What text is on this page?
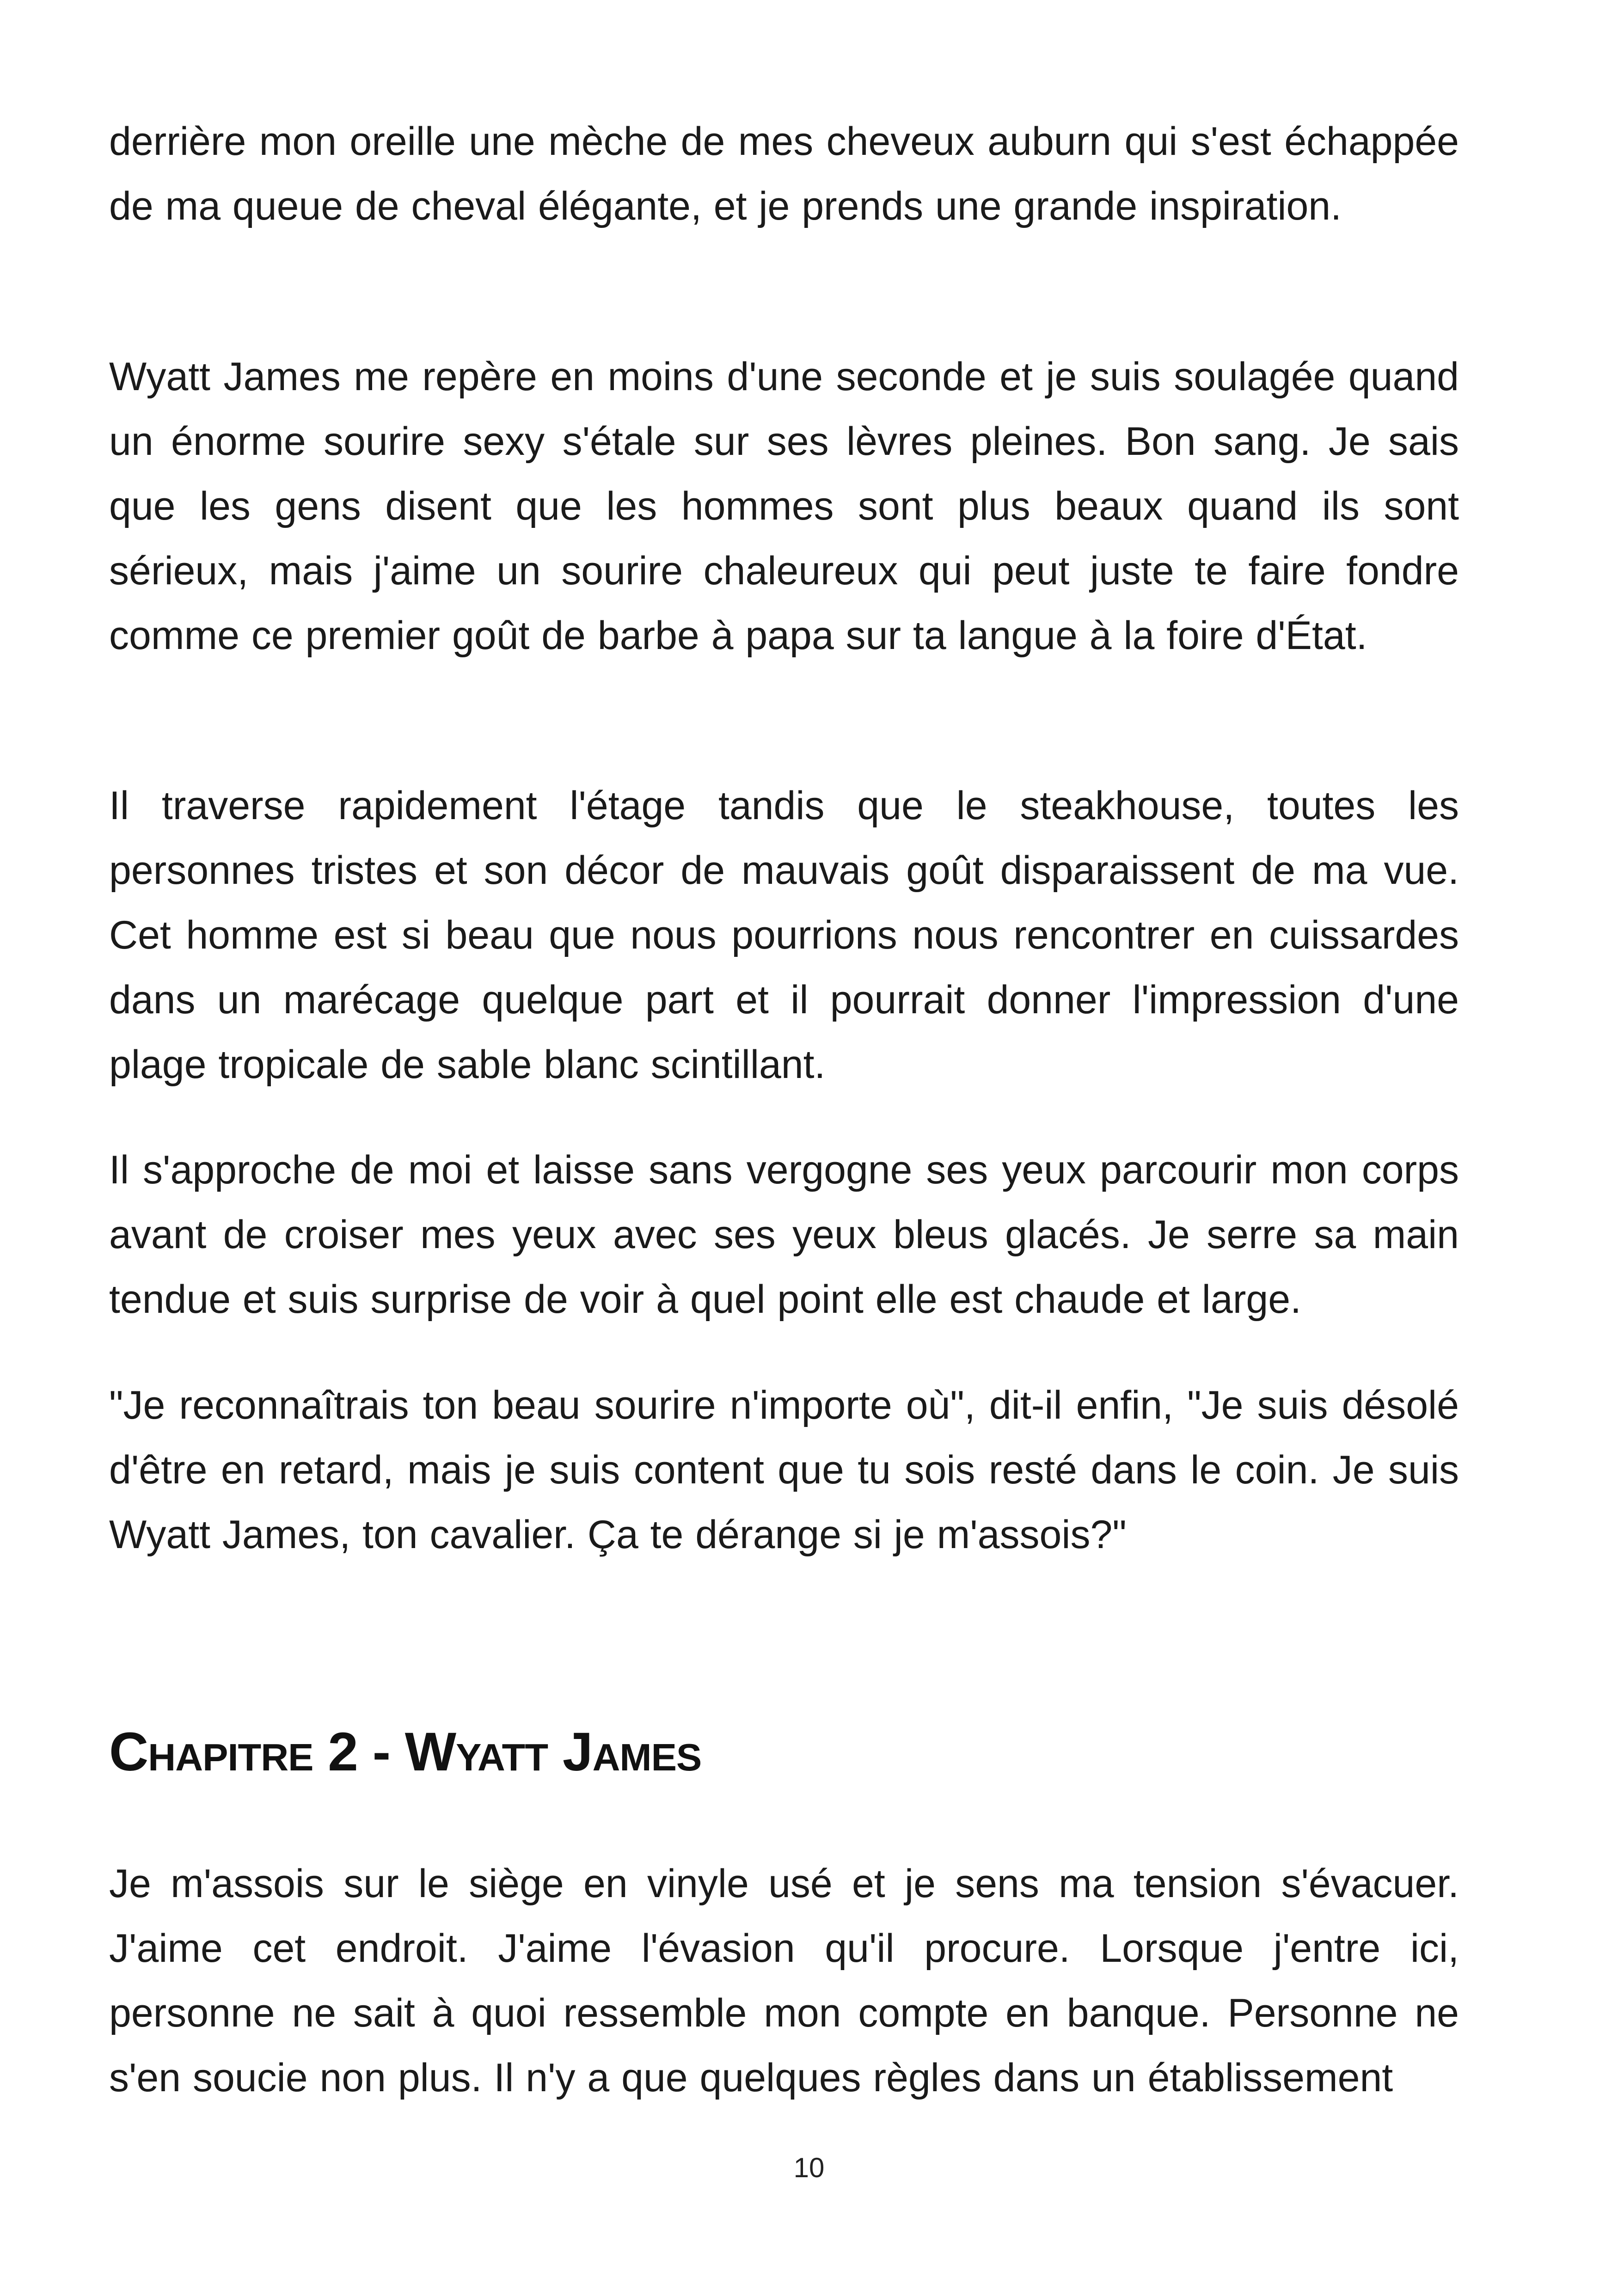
derrière mon oreille une mèche de mes cheveux auburn qui s'est échappée de ma queue de cheval élégante, et je prends une grande inspiration.

Wyatt James me repère en moins d'une seconde et je suis soulagée quand un énorme sourire sexy s'étale sur ses lèvres pleines. Bon sang. Je sais que les gens disent que les hommes sont plus beaux quand ils sont sérieux, mais j'aime un sourire chaleureux qui peut juste te faire fondre comme ce premier goût de barbe à papa sur ta langue à la foire d'État.

Il traverse rapidement l'étage tandis que le steakhouse, toutes les personnes tristes et son décor de mauvais goût disparaissent de ma vue. Cet homme est si beau que nous pourrions nous rencontrer en cuissardes dans un marécage quelque part et il pourrait donner l'impression d'une plage tropicale de sable blanc scintillant.

Il s'approche de moi et laisse sans vergogne ses yeux parcourir mon corps avant de croiser mes yeux avec ses yeux bleus glacés. Je serre sa main tendue et suis surprise de voir à quel point elle est chaude et large.

"Je reconnaîtrais ton beau sourire n'importe où", dit-il enfin, "Je suis désolé d'être en retard, mais je suis content que tu sois resté dans le coin. Je suis Wyatt James, ton cavalier. Ça te dérange si je m'assois?"

Chapitre 2 - Wyatt James

Je m'assois sur le siège en vinyle usé et je sens ma tension s'évacuer. J'aime cet endroit. J'aime l'évasion qu'il procure. Lorsque j'entre ici, personne ne sait à quoi ressemble mon compte en banque. Personne ne s'en soucie non plus. Il n'y a que quelques règles dans un établissement

10
